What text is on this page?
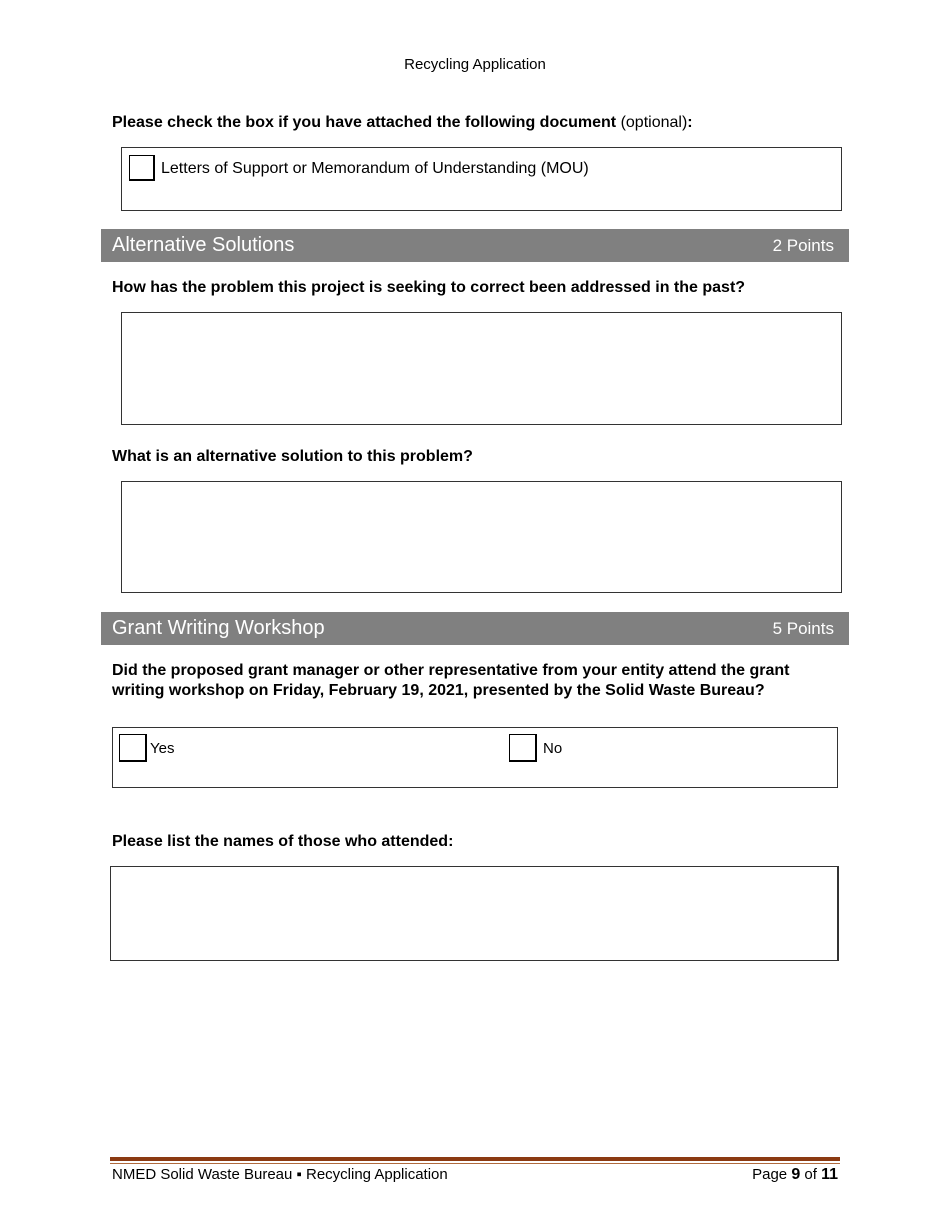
Recycling Application
Please check the box if you have attached the following document (optional):
Letters of Support or Memorandum of Understanding (MOU)
Alternative Solutions	2 Points
How has the problem this project is seeking to correct been addressed in the past?
What is an alternative solution to this problem?
Grant Writing Workshop	5 Points
Did the proposed grant manager or other representative from your entity attend the grant
writing workshop on Friday, February 19, 2021, presented by the Solid Waste Bureau?
Yes	No
Please list the names of those who attended:
NMED Solid Waste Bureau ▪ Recycling Application	Page 9 of 11
